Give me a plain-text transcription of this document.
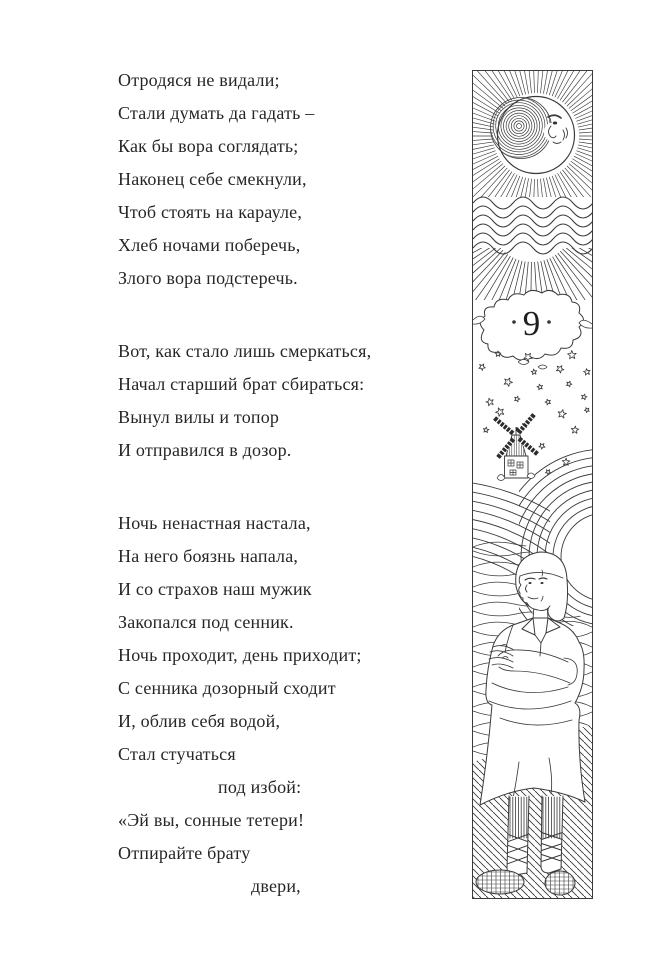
Отродяся не видали;
Стали думать да гадать –
Как бы вора соглядать;
Наконец себе смекнули,
Чтоб стоять на карауле,
Хлеб ночами поберечь,
Злого вора подстеречь.
Вот, как стало лишь смеркаться,
Начал старший брат сбираться:
Вынул вилы и топор
И отправился в дозор.
Ночь ненастная настала,
На него боязнь напала,
И со страхов наш мужик
Закопался под сенник.
Ночь проходит, день приходит;
С сенника дозорный сходит
И, облив себя водой,
Стал стучаться
под избой:
«Эй вы, сонные тетери!
Отпирайте брату
двери,
9
